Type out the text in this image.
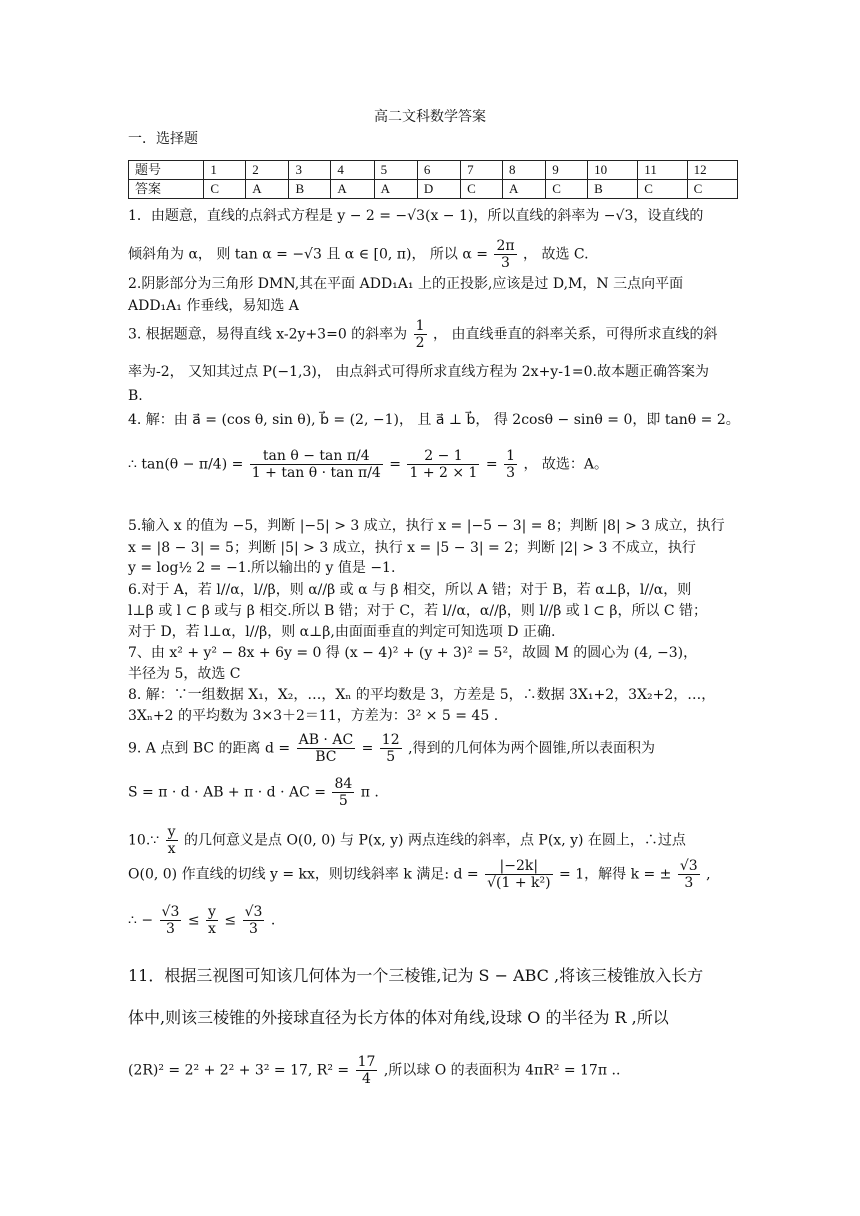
高二文科数学答案
一．选择题
题号	1	2	3	4	5	6	7	8	9	10	11	12
答案	C	A	B	A	A	D	C	A	C	B	C	C
1．由题意，直线的点斜式方程是 y − 2 = −√3(x − 1)，所以直线的斜率为 −√3，设直线的
倾斜角为 α， 则 tan α = −√3 且 α ∈ [0, π)， 所以 $\alpha = \frac{2\pi}{3}$ ， 故选 C.
2.阴影部分为三角形 DMN,其在平面 ADD₁A₁ 上的正投影,应该是过 D,M，N 三点向平面
ADD₁A₁ 作垂线，易知选 A
3. 根据题意，易得直线 x-2y+3=0 的斜率为 $\frac{1}{2}$ ， 由直线垂直的斜率关系，可得所求直线的斜
率为-2， 又知其过点 P(−1,3)， 由点斜式可得所求直线方程为 2x+y-1=0.故本题正确答案为
B.
4. 解：由 a⃗ = (cos θ, sin θ), b⃗ = (2, −1)， 且 a⃗ ⊥ b⃗， 得 2cosθ − sinθ = 0，即 tanθ = 2。
∴ $\tan(\theta - \pi/4) = \frac{\text{tan θ − tan π/4}}{\text{1 + tan θ · tan π/4}} = \frac{2 - 1}{1 + 2 \times 1} = \frac{1}{3}$ ， 故选：A。
5.输入 x 的值为 −5，判断 |−5| > 3 成立，执行 x = |−5 − 3| = 8；判断 |8| > 3 成立，执行
x = |8 − 3| = 5；判断 |5| > 3 成立，执行 x = |5 − 3| = 2；判断 |2| > 3 不成立，执行
y = log½ 2 = −1.所以输出的 y 值是 −1.
6.对于 A，若 l//α，l//β，则 α//β 或 α 与 β 相交，所以 A 错；对于 B，若 α⊥β，l//α，则
l⊥β 或 l ⊂ β 或与 β 相交.所以 B 错；对于 C，若 l//α，α//β，则 l//β 或 l ⊂ β，所以 C 错；
对于 D，若 l⊥α，l//β，则 α⊥β,由面面垂直的判定可知选项 D 正确.
7、由 x² + y² − 8x + 6y = 0 得 (x − 4)² + (y + 3)² = 5²，故圆 M 的圆心为 (4, −3)，
半径为 5，故选 C
8. 解：∵一组数据 X₁，X₂，…，Xₙ 的平均数是 3，方差是 5，∴数据 3X₁+2，3X₂+2，…，
3Xₙ+2 的平均数为 3×3＋2＝11，方差为：3² × 5 = 45 .
9. A 点到 BC 的距离 $d = \frac{AB \cdot AC}{BC} = \frac{12}{5}$ ,得到的几何体为两个圆锥,所以表面积为
S = π · d · AB + π · d · AC = $\frac{84}{5}$ π .
10.∵ $\frac{y}{x}$ 的几何意义是点 O(0, 0) 与 P(x, y) 两点连线的斜率，点 P(x, y) 在圆上，∴过点
O(0, 0) 作直线的切线 y = kx，则切线斜率 k 满足: $d = \frac{|-2k|}{\text{√(1 + k²)}} = 1$，解得 k = ± $\frac{√3}{3}$ ,
∴ − $\frac{√3}{3} \le \frac{y}{x} \le \frac{√3}{3}$ .
11．根据三视图可知该几何体为一个三棱锥,记为 S − ABC ,将该三棱锥放入长方
体中,则该三棱锥的外接球直径为长方体的体对角线,设球 O 的半径为 R ,所以
(2R)² = 2² + 2² + 3² = 17, $R^2 = \frac{17}{4}$ ,所以球 O 的表面积为 4πR² = 17π ..
